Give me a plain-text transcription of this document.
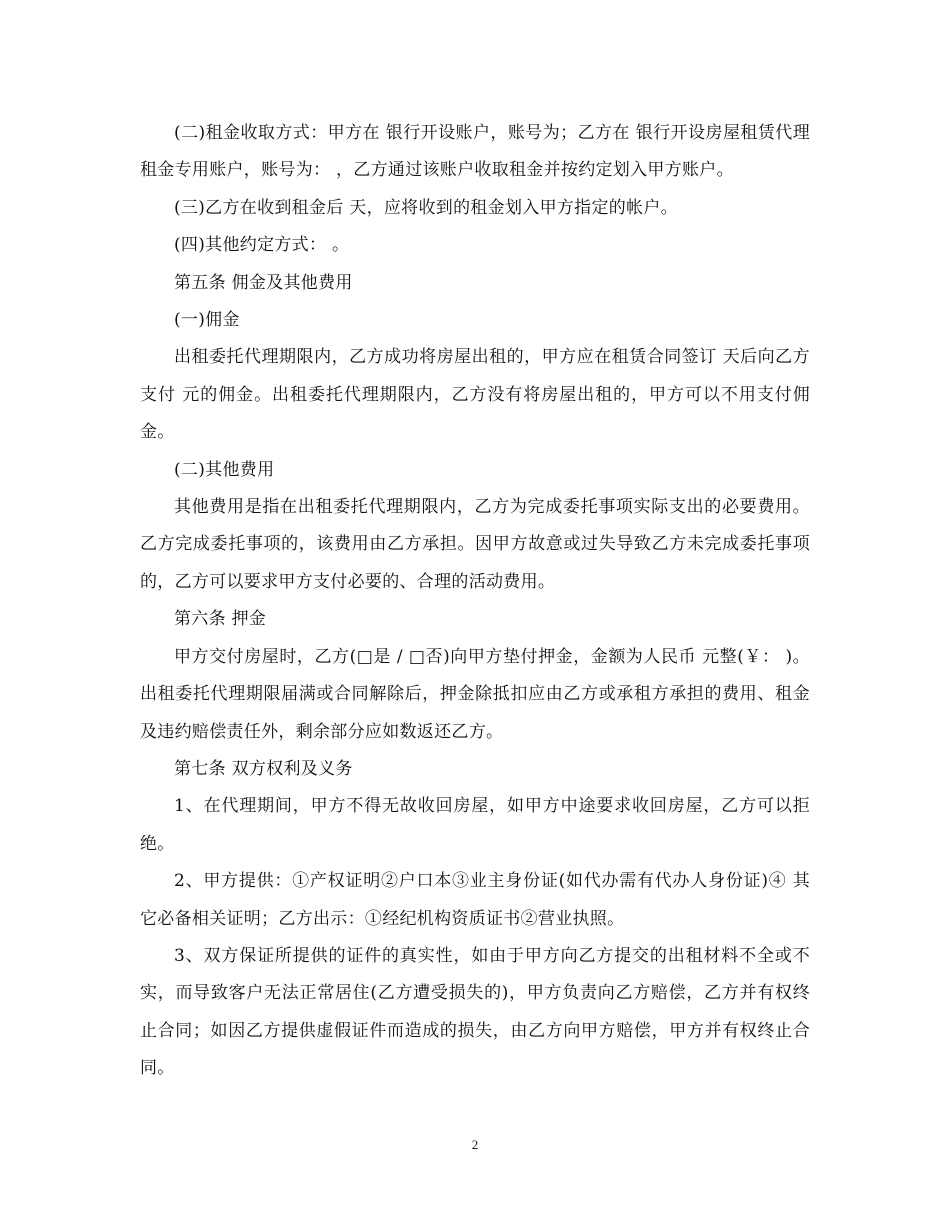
(二)租金收取方式：甲方在 银行开设账户，账号为；乙方在 银行开设房屋租赁代理租金专用账户，账号为： ，乙方通过该账户收取租金并按约定划入甲方账户。

(三)乙方在收到租金后 天，应将收到的租金划入甲方指定的帐户。

(四)其他约定方式： 。

第五条 佣金及其他费用

(一)佣金

出租委托代理期限内，乙方成功将房屋出租的，甲方应在租赁合同签订 天后向乙方支付 元的佣金。出租委托代理期限内，乙方没有将房屋出租的，甲方可以不用支付佣金。

(二)其他费用

其他费用是指在出租委托代理期限内，乙方为完成委托事项实际支出的必要费用。乙方完成委托事项的，该费用由乙方承担。因甲方故意或过失导致乙方未完成委托事项的，乙方可以要求甲方支付必要的、合理的活动费用。

第六条 押金

甲方交付房屋时，乙方(□是 / □否)向甲方垫付押金，金额为人民币 元整(￥： )。出租委托代理期限届满或合同解除后，押金除抵扣应由乙方或承租方承担的费用、租金及违约赔偿责任外，剩余部分应如数返还乙方。

第七条 双方权利及义务

1、在代理期间，甲方不得无故收回房屋，如甲方中途要求收回房屋，乙方可以拒绝。

2、甲方提供：①产权证明②户口本③业主身份证(如代办需有代办人身份证)④ 其它必备相关证明；乙方出示：①经纪机构资质证书②营业执照。

3、双方保证所提供的证件的真实性，如由于甲方向乙方提交的出租材料不全或不实，而导致客户无法正常居住(乙方遭受损失的)，甲方负责向乙方赔偿，乙方并有权终止合同；如因乙方提供虚假证件而造成的损失，由乙方向甲方赔偿，甲方并有权终止合同。

2
